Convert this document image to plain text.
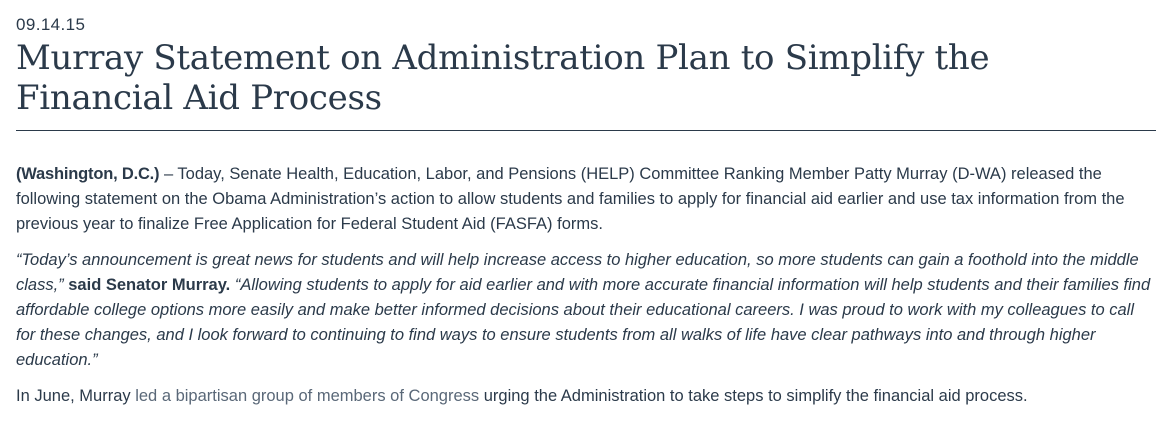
09.14.15

Murray Statement on Administration Plan to Simplify the Financial Aid Process

(Washington, D.C.) – Today, Senate Health, Education, Labor, and Pensions (HELP) Committee Ranking Member Patty Murray (D-WA) released the following statement on the Obama Administration’s action to allow students and families to apply for financial aid earlier and use tax information from the previous year to finalize Free Application for Federal Student Aid (FASFA) forms.

“Today’s announcement is great news for students and will help increase access to higher education, so more students can gain a foothold into the middle class,” said Senator Murray. “Allowing students to apply for aid earlier and with more accurate financial information will help students and their families find affordable college options more easily and make better informed decisions about their educational careers. I was proud to work with my colleagues to call for these changes, and I look forward to continuing to find ways to ensure students from all walks of life have clear pathways into and through higher education.”

In June, Murray led a bipartisan group of members of Congress urging the Administration to take steps to simplify the financial aid process.
